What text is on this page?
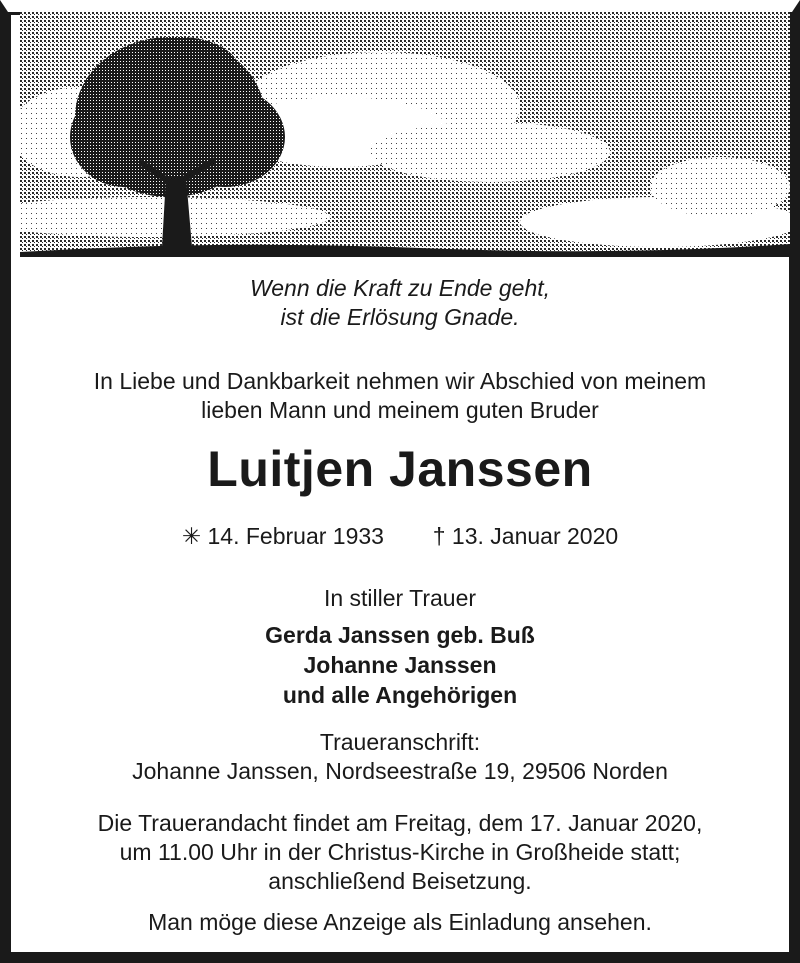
Wenn die Kraft zu Ende geht,
ist die Erlösung Gnade.
In Liebe und Dankbarkeit nehmen wir Abschied von meinem
lieben Mann und meinem guten Bruder
Luitjen Janssen
✳ 14. Februar 1933 † 13. Januar 2020
In stiller Trauer
Gerda Janssen geb. Buß
Johanne Janssen
und alle Angehörigen
Traueranschrift:
Johanne Janssen, Nordseestraße 19, 29506 Norden
Die Trauerandacht findet am Freitag, dem 17. Januar 2020,
um 11.00 Uhr in der Christus-Kirche in Großheide statt;
anschließend Beisetzung.
Man möge diese Anzeige als Einladung ansehen.
